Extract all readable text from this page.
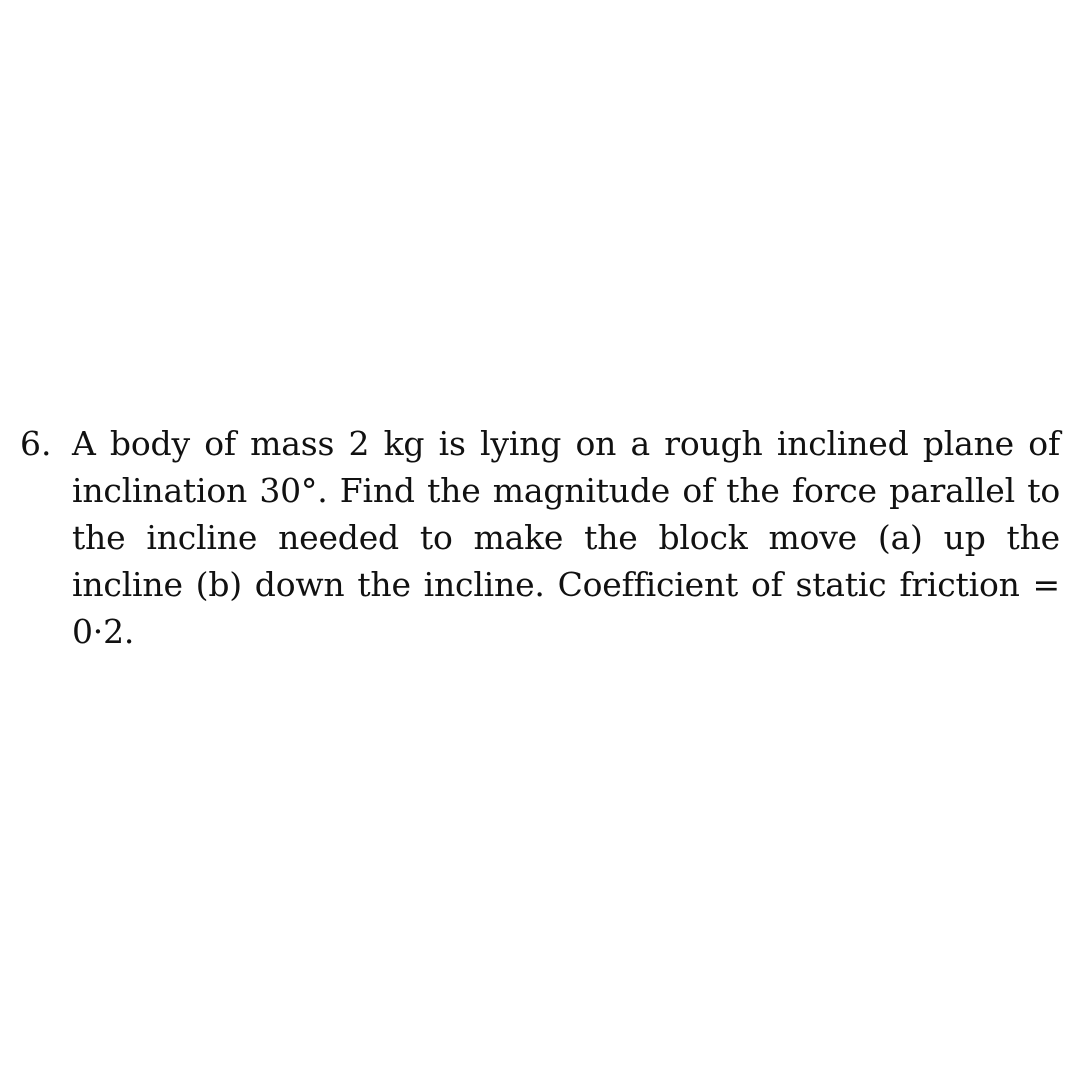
6. A body of mass 2 kg is lying on a rough inclined plane of inclination 30°. Find the magnitude of the force parallel to the incline needed to make the block move (a) up the incline (b) down the incline. Coefficient of static friction = 0·2.
